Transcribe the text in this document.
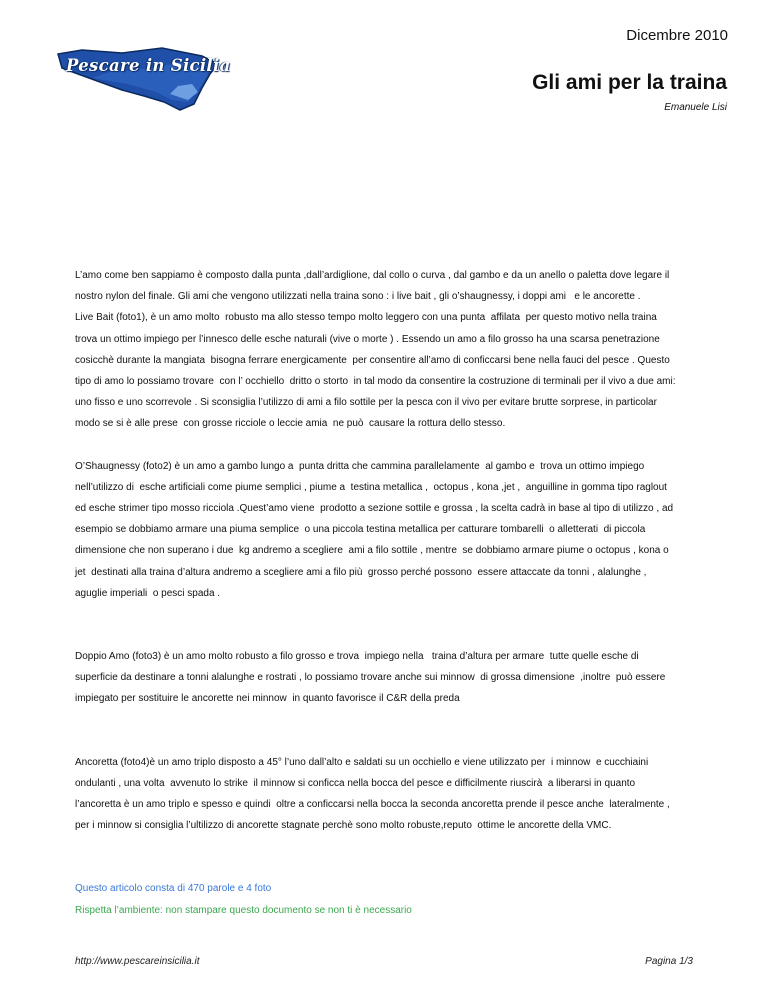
Dicembre 2010
Pescare in Sicilia
Gli ami per la traina
Emanuele Lisi

L’amo come ben sappiamo è composto dalla punta ,dall’ardiglione, dal collo o curva , dal gambo e da un anello o paletta dove legare il

nostro nylon del finale. Gli ami che vengono utilizzati nella traina sono : i live bait , gli o’shaugnessy, i doppi ami   e le ancorette .

Live Bait (foto1), è un amo molto  robusto ma allo stesso tempo molto leggero con una punta  affilata  per questo motivo nella traina

trova un ottimo impiego per l’innesco delle esche naturali (vive o morte ) . Essendo un amo a filo grosso ha una scarsa penetrazione

cosicchè durante la mangiata  bisogna ferrare energicamente  per consentire all’amo di conficcarsi bene nella fauci del pesce . Questo

tipo di amo lo possiamo trovare  con l’ occhiello  dritto o storto  in tal modo da consentire la costruzione di terminali per il vivo a due ami:

uno fisso e uno scorrevole . Si sconsiglia l’utilizzo di ami a filo sottile per la pesca con il vivo per evitare brutte sorprese, in particolar

modo se si è alle prese  con grosse ricciole o leccie amia  ne può  causare la rottura dello stesso.

O’Shaugnessy (foto2) è un amo a gambo lungo a  punta dritta che cammina parallelamente  al gambo e  trova un ottimo impiego

nell’utilizzo di  esche artificiali come piume semplici , piume a  testina metallica ,  octopus , kona ,jet ,  anguilline in gomma tipo raglout

ed esche strimer tipo mosso ricciola .Quest’amo viene  prodotto a sezione sottile e grossa , la scelta cadrà in base al tipo di utilizzo , ad

esempio se dobbiamo armare una piuma semplice  o una piccola testina metallica per catturare tombarelli  o alletterati  di piccola

dimensione che non superano i due  kg andremo a scegliere  ami a filo sottile , mentre  se dobbiamo armare piume o octopus , kona o

jet  destinati alla traina d’altura andremo a scegliere ami a filo più  grosso perché possono  essere attaccate da tonni , alalunghe ,

aguglie imperiali  o pesci spada .

Doppio Amo (foto3) è un amo molto robusto a filo grosso e trova  impiego nella   traina d’altura per armare  tutte quelle esche di

superficie da destinare a tonni alalunghe e rostrati , lo possiamo trovare anche sui minnow  di grossa dimensione  ,inoltre  può essere

impiegato per sostituire le ancorette nei minnow  in quanto favorisce il C&R della preda

Ancoretta (foto4)è un amo triplo disposto a 45° l’uno dall’alto e saldati su un occhiello e viene utilizzato per  i minnow  e cucchiaini

ondulanti , una volta  avvenuto lo strike  il minnow si conficca nella bocca del pesce e difficilmente riuscirà  a liberarsi in quanto

l’ancoretta è un amo triplo e spesso e quindi  oltre a conficcarsi nella bocca la seconda ancoretta prende il pesce anche  lateralmente ,

per i minnow si consiglia l’ultilizzo di ancorette stagnate perchè sono molto robuste,reputo  ottime le ancorette della VMC.

Questo articolo consta di 470 parole e 4 foto

Rispetta l’ambiente: non stampare questo documento se non ti è necessario

http://www.pescareinsicilia.it	Pagina 1/3
